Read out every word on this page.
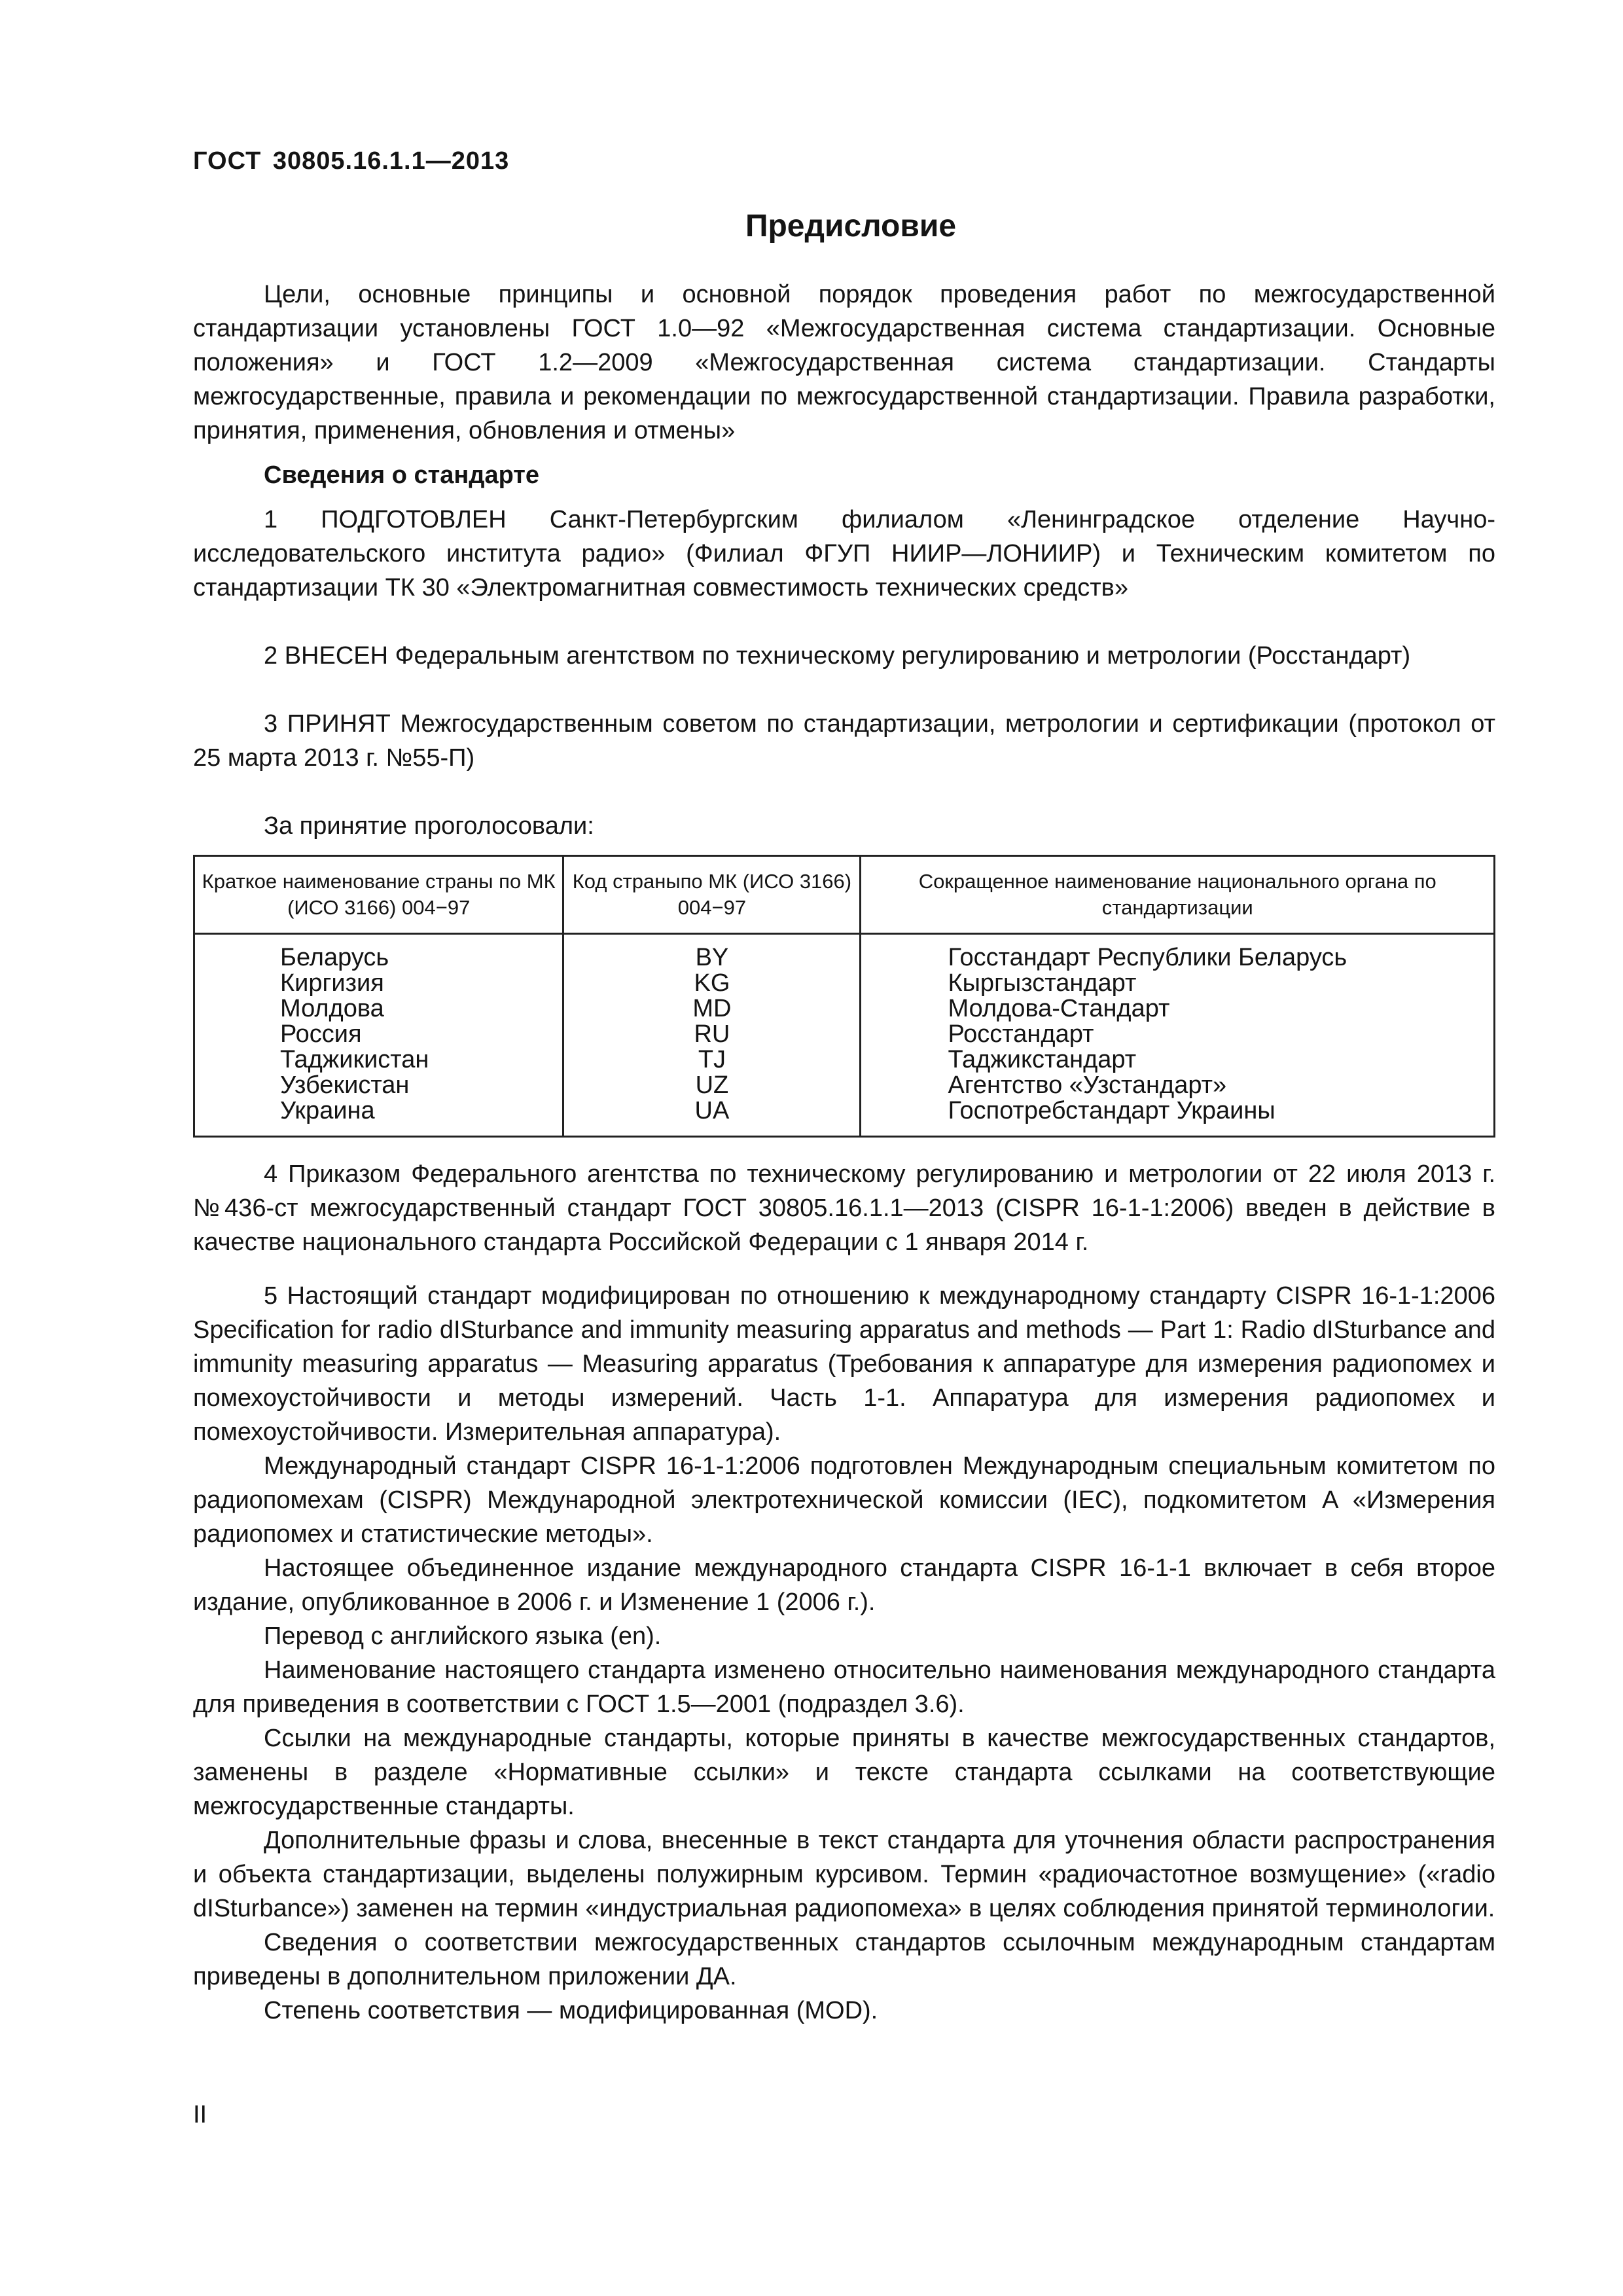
ГОСТ 30805.16.1.1—2013
Предисловие

Цели, основные принципы и основной порядок проведения работ по межгосударственной стандартизации установлены ГОСТ 1.0—92 «Межгосударственная система стандартизации. Основные положения» и ГОСТ 1.2—2009 «Межгосударственная система стандартизации. Стандарты межгосударственные, правила и рекомендации по межгосударственной стандартизации. Правила разработки, принятия, применения, обновления и отмены»

Сведения о стандарте

1 ПОДГОТОВЛЕН Санкт-Петербургским филиалом «Ленинградское отделение Научно-исследовательского института радио» (Филиал ФГУП НИИР—ЛОНИИР) и Техническим комитетом по стандартизации ТК 30 «Электромагнитная совместимость технических средств»

2 ВНЕСЕН Федеральным агентством по техническому регулированию и метрологии (Росстандарт)

3 ПРИНЯТ Межгосударственным советом по стандартизации, метрологии и сертификации (протокол от 25 марта 2013 г. №55-П)

За принятие проголосовали:
Краткое наименование страны по МК (ИСО 3166) 004−97	Код страныпо МК (ИСО 3166) 004−97	Сокращенное наименование национального органа по стандартизации
Беларусь	BY	Госстандарт Республики Беларусь
Киргизия	KG	Кыргызстандарт
Молдова	MD	Молдова-Стандарт
Россия	RU	Росстандарт
Таджикистан	TJ	Таджикстандарт
Узбекистан	UZ	Агентство «Узстандарт»
Украина	UA	Госпотребстандарт Украины

4 Приказом Федерального агентства по техническому регулированию и метрологии от 22 июля 2013 г. №436-ст межгосударственный стандарт ГОСТ 30805.16.1.1—2013 (CISPR 16-1-1:2006) введен в действие в качестве национального стандарта Российской Федерации с 1 января 2014 г.

5 Настоящий стандарт модифицирован по отношению к международному стандарту CISPR 16-1-1:2006 Specification for radio dISturbance and immunity measuring apparatus and methods — Part 1: Radio dISturbance and immunity measuring apparatus — Measuring apparatus (Требования к аппаратуре для измерения радиопомех и помехоустойчивости и методы измерений. Часть 1-1. Аппаратура для измерения радиопомех и помехоустойчивости. Измерительная аппаратура).

Международный стандарт CISPR 16-1-1:2006 подготовлен Международным специальным комитетом по радиопомехам (CISPR) Международной электротехнической комиссии (IEC), подкомитетом A «Измерения радиопомех и статистические методы».

Настоящее объединенное издание международного стандарта CISPR 16-1-1 включает в себя второе издание, опубликованное в 2006 г. и Изменение 1 (2006 г.).

Перевод с английского языка (en).

Наименование настоящего стандарта изменено относительно наименования международного стандарта для приведения в соответствии с ГОСТ 1.5—2001 (подраздел 3.6).

Ссылки на международные стандарты, которые приняты в качестве межгосударственных стандартов, заменены в разделе «Нормативные ссылки» и тексте стандарта ссылками на соответствующие межгосударственные стандарты.

Дополнительные фразы и слова, внесенные в текст стандарта для уточнения области распространения и объекта стандартизации, выделены полужирным курсивом. Термин «радиочастотное возмущение» («radio dISturbance») заменен на термин «индустриальная радиопомеха» в целях соблюдения принятой терминологии.

Сведения о соответствии межгосударственных стандартов ссылочным международным стандартам приведены в дополнительном приложении ДА.

Степень соответствия — модифицированная (MOD).

II
